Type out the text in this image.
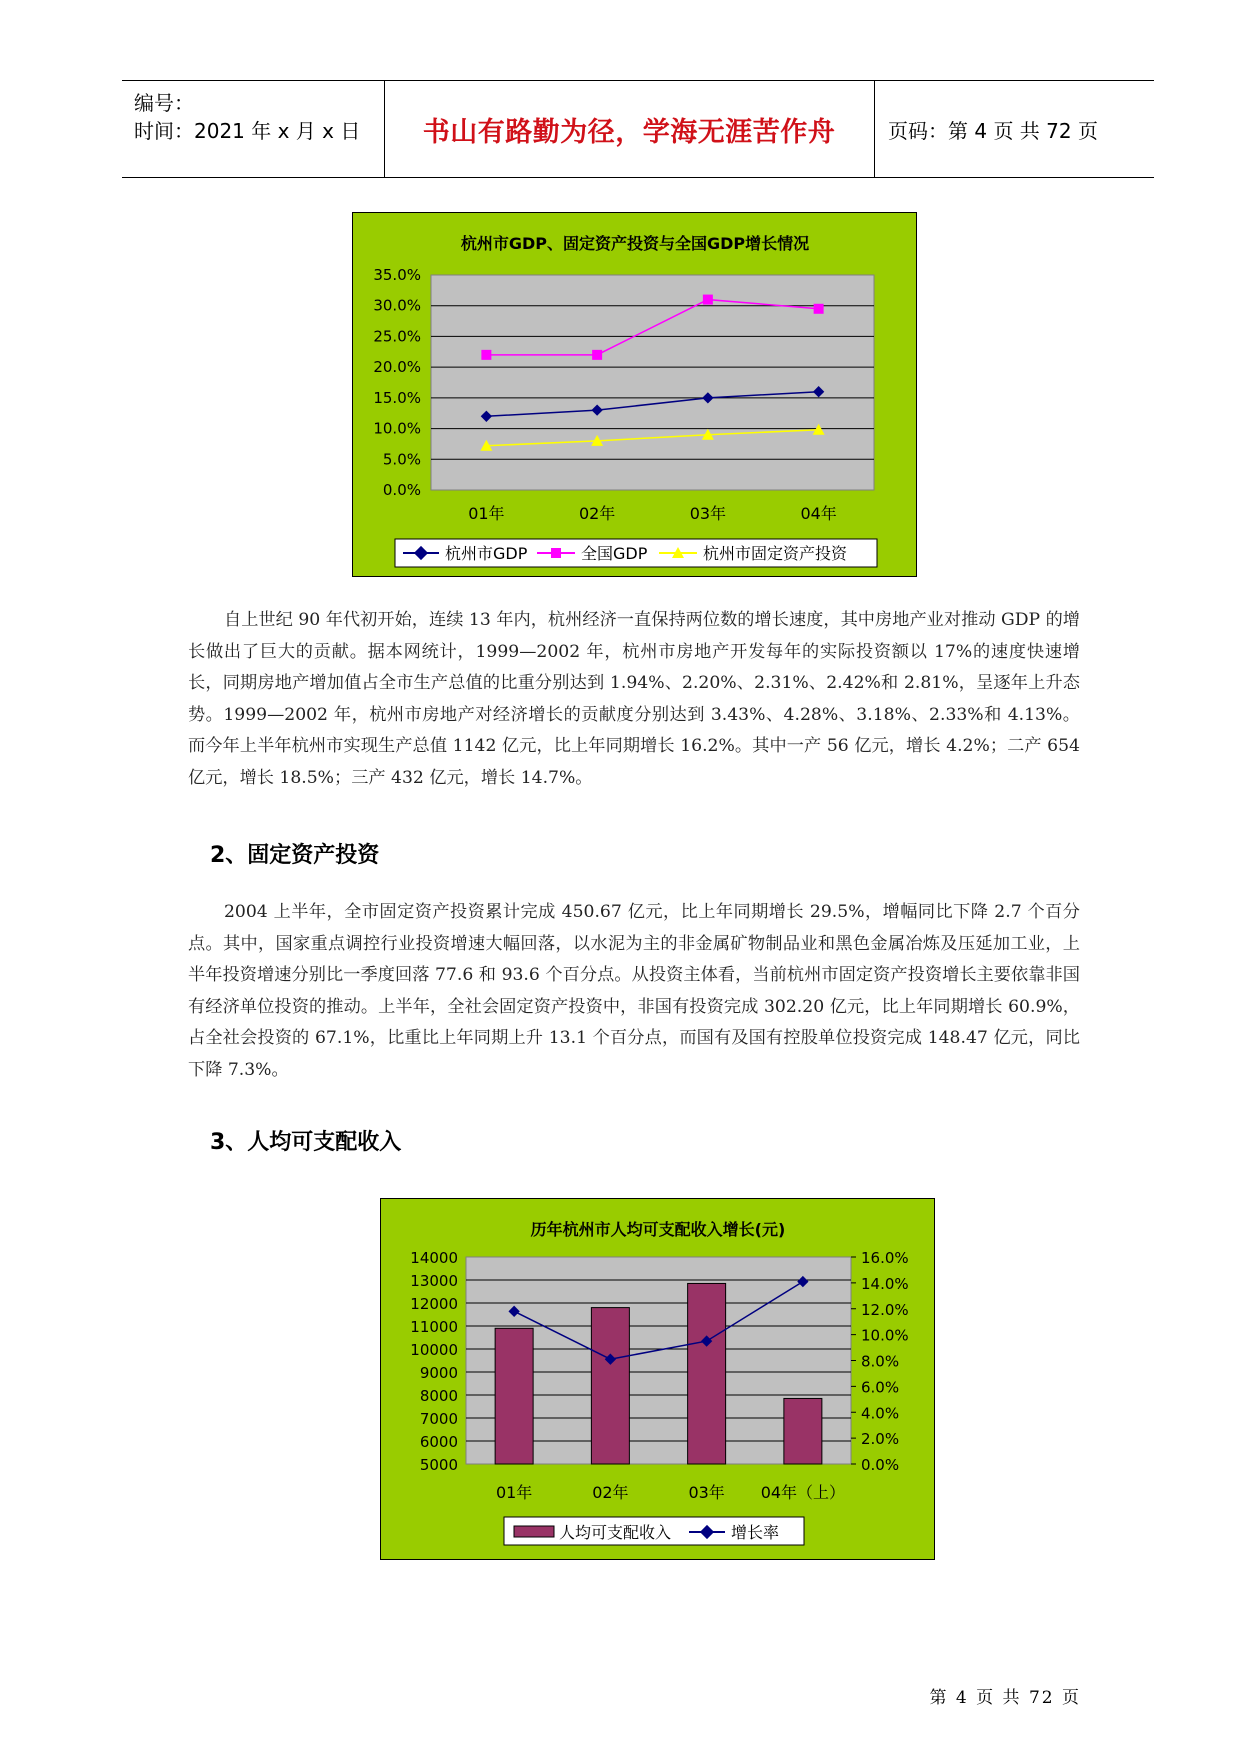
编号：
时间：2021 年 x 月 x 日 书山有路勤为径，学海无涯苦作舟	页码：第 4 页 共 72 页
杭州市GDP、固定资产投资与全国GDP增长情况
35.0%
30.0%
25.0%
20.0%
15.0%
10.0%
5.0%
0.0%
01年	02年	03年	04年
杭州市GDP	全国GDP	杭州市固定资产投资

自上世纪 90 年代初开始，连续 13 年内，杭州经济一直保持两位数的增长速度，其中房地产业对推动 GDP 的增长做出了巨大的贡献。据本网统计，1999—2002 年，杭州市房地产开发每年的实际投资额以 17%的速度快速增长，同期房地产增加值占全市生产总值的比重分别达到 1.94%、2.20%、2.31%、2.42%和 2.81%，呈逐年上升态势。1999—2002 年，杭州市房地产对经济增长的贡献度分别达到 3.43%、4.28%、3.18%、2.33%和 4.13%。而今年上半年杭州市实现生产总值 1142 亿元，比上年同期增长 16.2%。其中一产 56 亿元，增长 4.2%；二产 654 亿元，增长 18.5%；三产 432 亿元，增长 14.7%。

2、固定资产投资

2004 上半年，全市固定资产投资累计完成 450.67 亿元，比上年同期增长 29.5%，增幅同比下降 2.7 个百分点。其中，国家重点调控行业投资增速大幅回落，以水泥为主的非金属矿物制品业和黑色金属冶炼及压延加工业，上半年投资增速分别比一季度回落 77.6 和 93.6 个百分点。从投资主体看，当前杭州市固定资产投资增长主要依靠非国有经济单位投资的推动。上半年，全社会固定资产投资中，非国有投资完成 302.20 亿元，比上年同期增长 60.9%，占全社会投资的 67.1%，比重比上年同期上升 13.1 个百分点，而国有及国有控股单位投资完成 148.47 亿元，同比下降 7.3%。

3、人均可支配收入
历年杭州市人均可支配收入增长(元)
14000
13000
12000
11000
10000
9000
8000
7000
6000
5000
16.0%
14.0%
12.0%
10.0%
8.0%
6.0%
4.0%
2.0%
0.0%
01年	02年	03年 04年（上）
人均可支配收入	增长率
第 4 页 共 72 页
